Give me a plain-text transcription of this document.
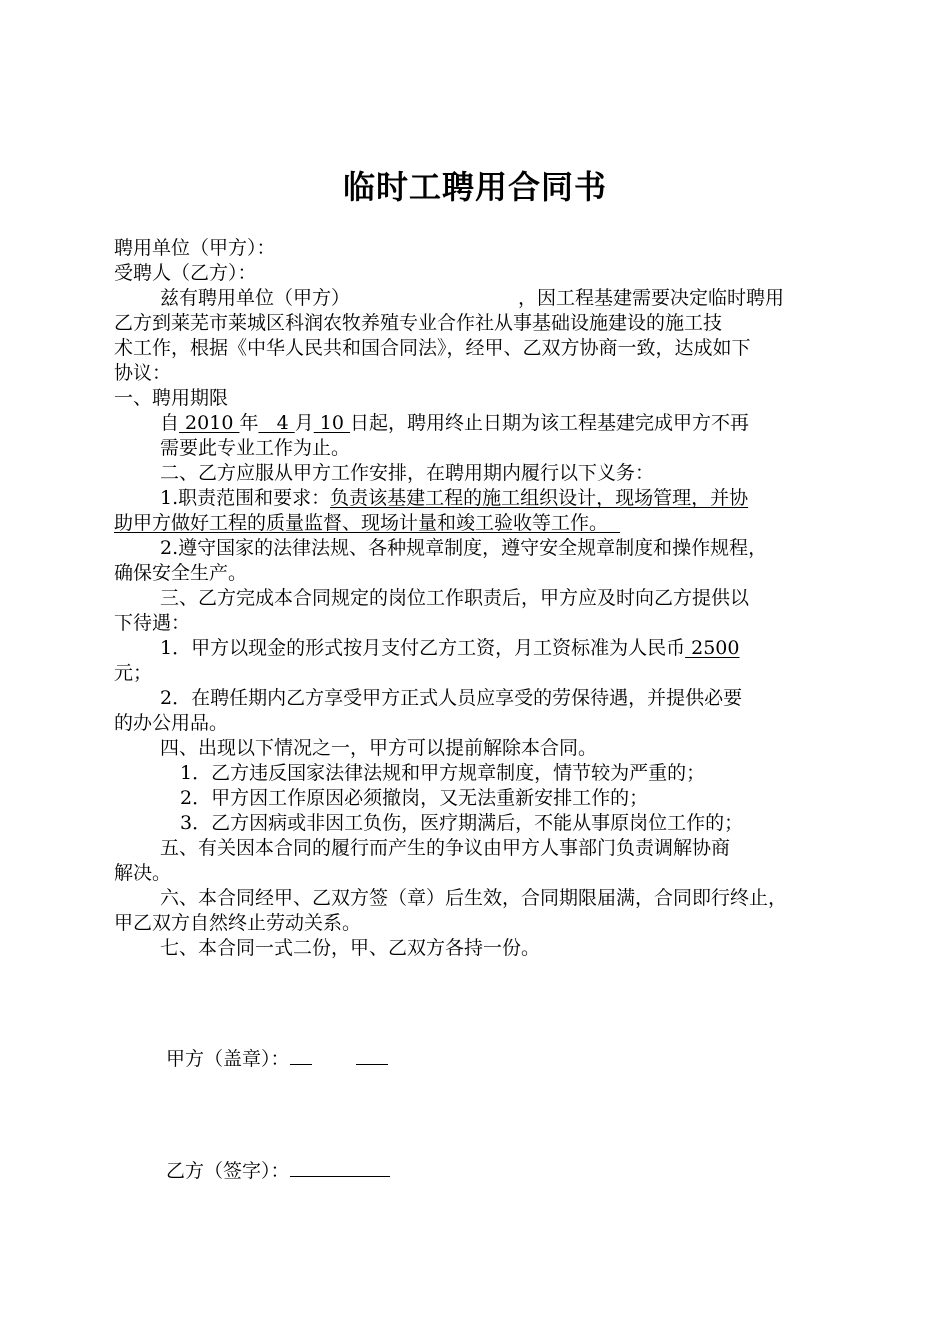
临时工聘用合同书
聘用单位（甲方）：
受聘人（乙方）：
兹有聘用单位（甲方）	，因工程基建需要决定临时聘用
乙方到莱芜市莱城区科润农牧养殖专业合作社从事基础设施建设的施工技
术工作，根据《中华人民共和国合同法》，经甲、乙双方协商一致，达成如下
协议：
一、聘用期限
自 2010 年   4 月 10 日起，聘用终止日期为该工程基建完成甲方不再
需要此专业工作为止。
二、乙方应服从甲方工作安排，在聘用期内履行以下义务：
1.职责范围和要求：负责该基建工程的施工组织设计，现场管理，并协
助甲方做好工程的质量监督、现场计量和竣工验收等工作。
2.遵守国家的法律法规、各种规章制度，遵守安全规章制度和操作规程，
确保安全生产。
三、乙方完成本合同规定的岗位工作职责后，甲方应及时向乙方提供以
下待遇：
1．甲方以现金的形式按月支付乙方工资，月工资标准为人民币 2500
元；
2．在聘任期内乙方享受甲方正式人员应享受的劳保待遇，并提供必要
的办公用品。
四、出现以下情况之一，甲方可以提前解除本合同。
1．乙方违反国家法律法规和甲方规章制度，情节较为严重的；
2．甲方因工作原因必须撤岗，又无法重新安排工作的；
3．乙方因病或非因工负伤，医疗期满后，不能从事原岗位工作的；
五、有关因本合同的履行而产生的争议由甲方人事部门负责调解协商
解决。
六、本合同经甲、乙双方签（章）后生效，合同期限届满，合同即行终止，
甲乙双方自然终止劳动关系。
七、本合同一式二份，甲、乙双方各持一份。
甲方（盖章）：
乙方（签字）：
